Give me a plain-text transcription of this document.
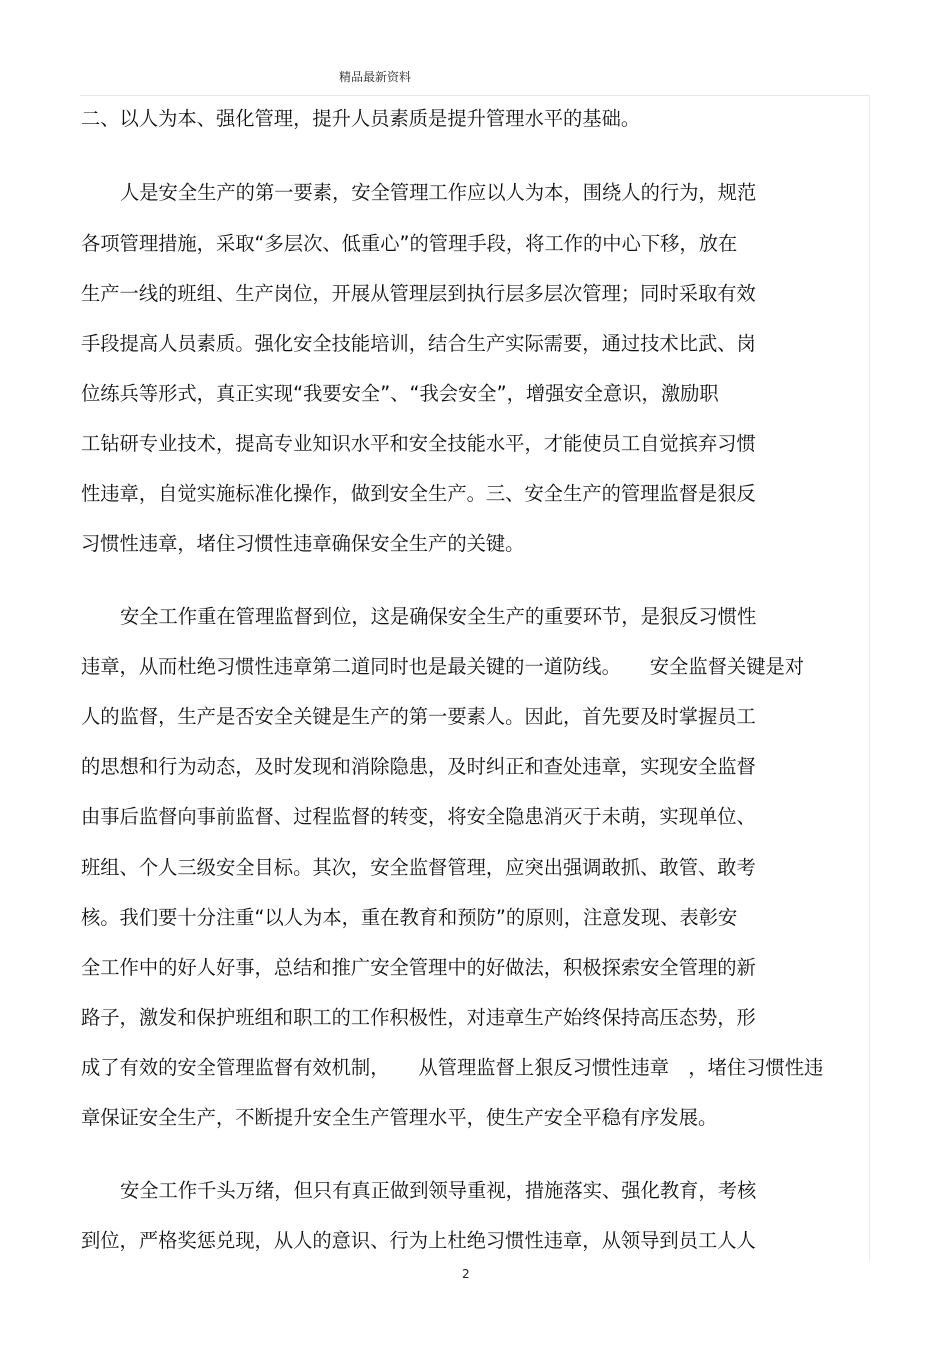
精品最新资料
二、以人为本、强化管理，提升人员素质是提升管理水平的基础。
人是安全生产的第一要素，安全管理工作应以人为本，围绕人的行为，规范
各项管理措施，采取“多层次、低重心”的管理手段，将工作的中心下移，放在
生产一线的班组、生产岗位，开展从管理层到执行层多层次管理；同时采取有效
手段提高人员素质。强化安全技能培训，结合生产实际需要，通过技术比武、岗
位练兵等形式，真正实现“我要安全”、“我会安全”，增强安全意识，激励职
工钻研专业技术，提高专业知识水平和安全技能水平，才能使员工自觉摈弃习惯
性违章，自觉实施标准化操作，做到安全生产。三、安全生产的管理监督是狠反
习惯性违章，堵住习惯性违章确保安全生产的关键。
安全工作重在管理监督到位，这是确保安全生产的重要环节，是狠反习惯性
违章，从而杜绝习惯性违章第二道同时也是最关键的一道防线。　　安全监督关键是对
人的监督，生产是否安全关键是生产的第一要素人。因此，首先要及时掌握员工
的思想和行为动态，及时发现和消除隐患，及时纠正和查处违章，实现安全监督
由事后监督向事前监督、过程监督的转变，将安全隐患消灭于未萌，实现单位、
班组、个人三级安全目标。其次，安全监督管理，应突出强调敢抓、敢管、敢考
核。我们要十分注重“以人为本，重在教育和预防”的原则，注意发现、表彰安
全工作中的好人好事，总结和推广安全管理中的好做法，积极探索安全管理的新
路子，激发和保护班组和职工的工作积极性，对违章生产始终保持高压态势，形
成了有效的安全管理监督有效机制，　　从管理监督上狠反习惯性违章　，堵住习惯性违
章保证安全生产，不断提升安全生产管理水平，使生产安全平稳有序发展。
安全工作千头万绪，但只有真正做到领导重视，措施落实、强化教育，考核
到位，严格奖惩兑现，从人的意识、行为上杜绝习惯性违章，从领导到员工人人
2
